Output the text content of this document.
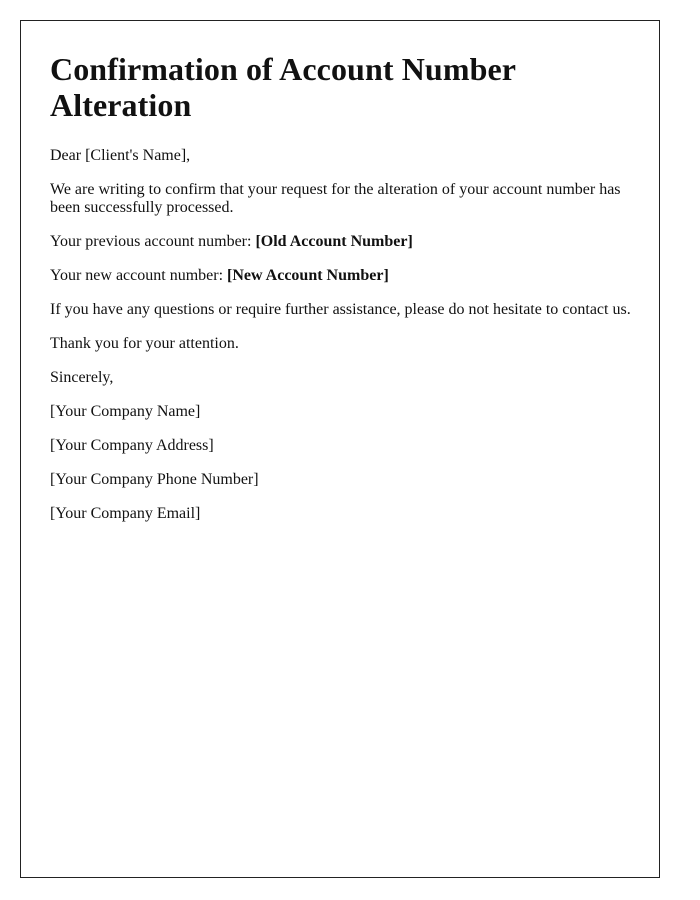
Confirmation of Account Number Alteration

Dear [Client's Name],

We are writing to confirm that your request for the alteration of your account number has been successfully processed.

Your previous account number: [Old Account Number]

Your new account number: [New Account Number]

If you have any questions or require further assistance, please do not hesitate to contact us.

Thank you for your attention.

Sincerely,

[Your Company Name]

[Your Company Address]

[Your Company Phone Number]

[Your Company Email]
